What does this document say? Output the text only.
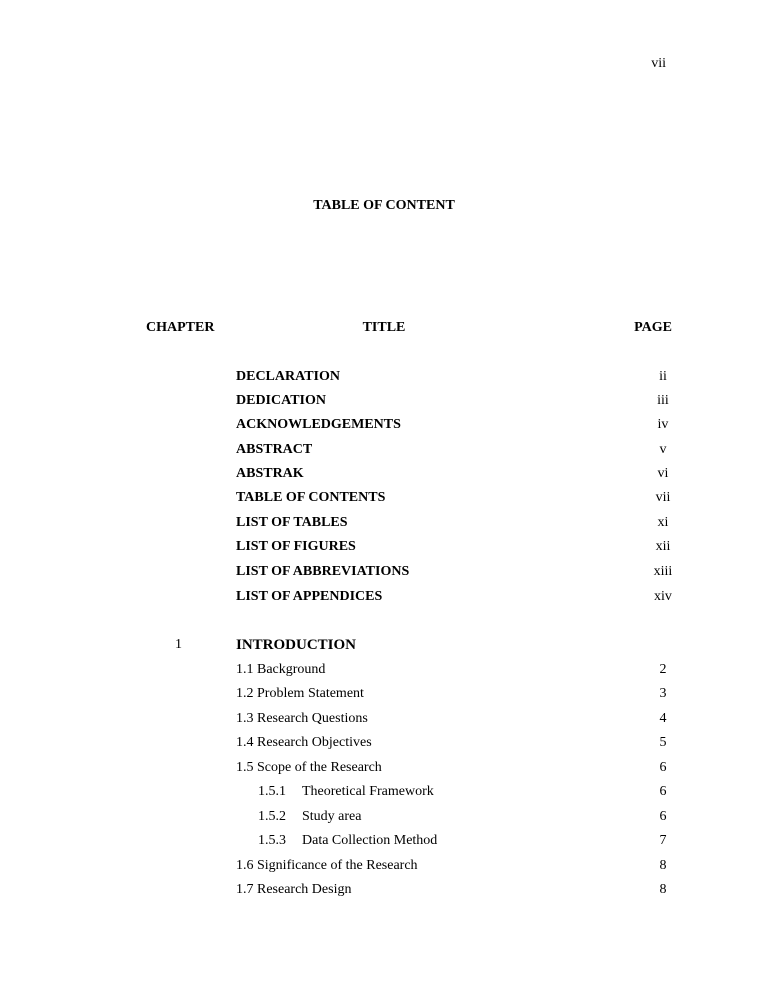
vii
TABLE OF CONTENT
CHAPTER	TITLE	PAGE
DECLARATION	ii
DEDICATION	iii
ACKNOWLEDGEMENTS	iv
ABSTRACT	v
ABSTRAK	vi
TABLE OF CONTENTS	vii
LIST OF TABLES	xi
LIST OF FIGURES	xii
LIST OF ABBREVIATIONS	xiii
LIST OF APPENDICES	xiv
1	INTRODUCTION
1.1 Background	2
1.2 Problem Statement	3
1.3 Research Questions	4
1.4 Research Objectives	5
1.5 Scope of the Research	6
1.5.1 Theoretical Framework	6
1.5.2 Study area	6
1.5.3 Data Collection Method	7
1.6 Significance of the Research	8
1.7 Research Design	8
